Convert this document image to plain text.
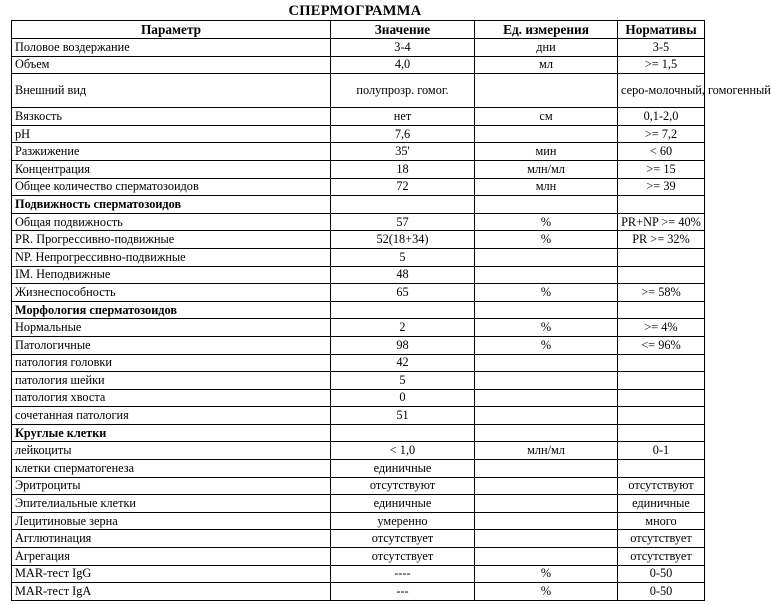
СПЕРМОГРАММА
Параметр	Значение	Ед. измерения	Нормативы
Половое воздержание	3-4	дни	3-5
Объем	4,0	мл	>= 1,5
Внешний вид	полупрозр. гомог.		серо-молочный, гомогенный
Вязкость	нет	см	0,1-2,0
pH	7,6		>= 7,2
Разжижение	35'	мин	< 60
Концентрация	18	млн/мл	>= 15
Общее количество сперматозоидов	72	млн	>= 39
Подвижность сперматозоидов			
Общая подвижность	57	%	PR+NP >= 40%
PR. Прогрессивно-подвижные	52(18+34)	%	PR >= 32%
NP. Непрогрессивно-подвижные	5		
IM. Неподвижные	48		
Жизнеспособность	65	%	>= 58%
Морфология сперматозоидов			
Нормальные	2	%	>= 4%
Патологичные	98	%	<= 96%
патология головки	42		
патология шейки	5		
патология хвоста	0		
сочетанная патология	51		
Круглые клетки			
лейкоциты	< 1,0	млн/мл	0-1
клетки сперматогенеза	единичные		
Эритроциты	отсутствуют		отсутствуют
Эпителиальные клетки	единичные		единичные
Лецитиновые зерна	умеренно		много
Агглютинация	отсутствует		отсутствует
Агрегация	отсутствует		отсутствует
MAR-тест IgG	----	%	0-50
MAR-тест IgA	---	%	0-50
